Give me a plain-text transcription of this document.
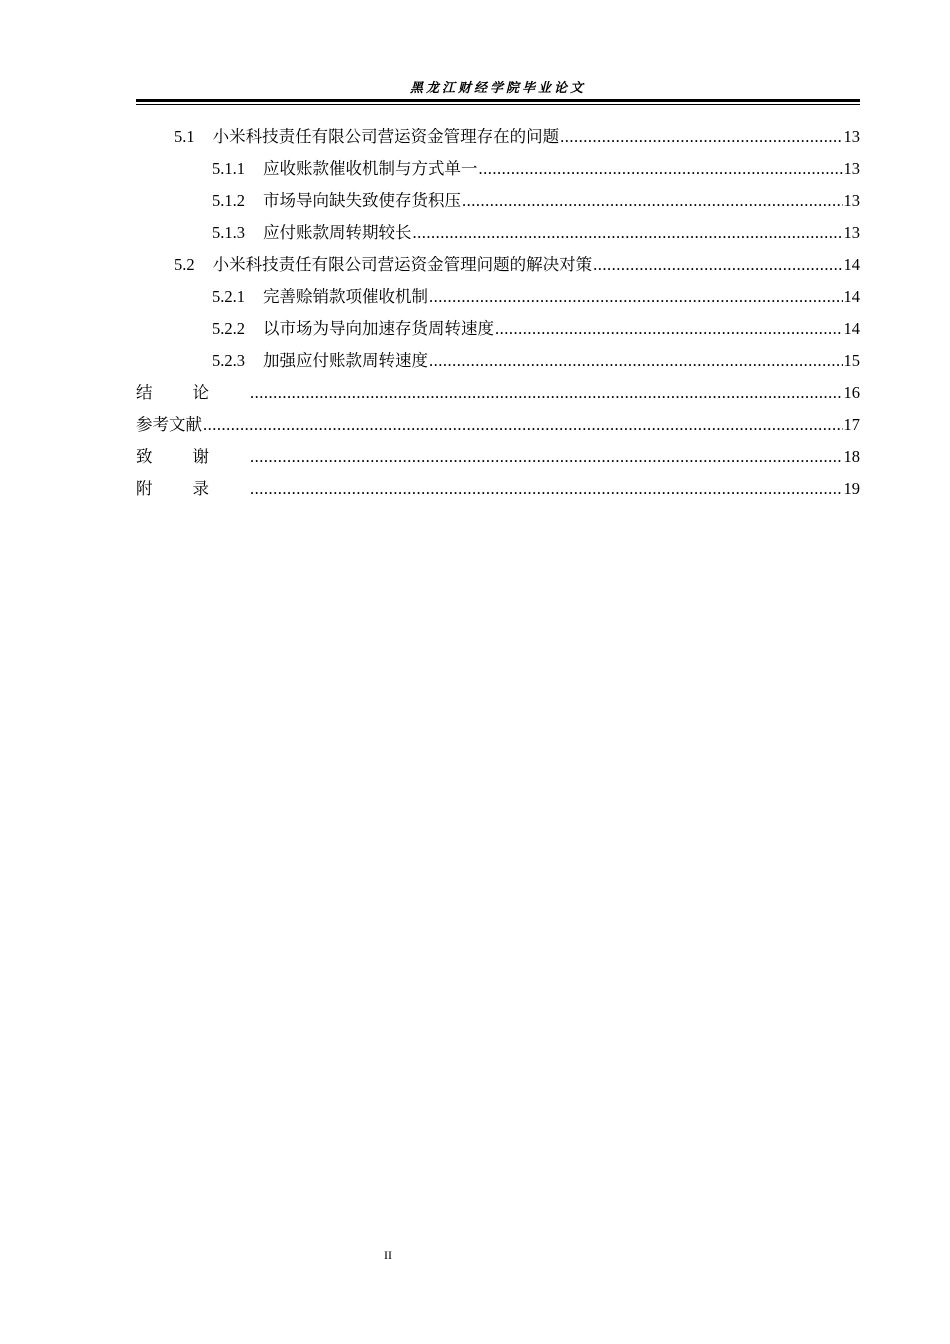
黑龙江财经学院毕业论文
5.1 小米科技责任有限公司营运资金管理存在的问题 .....	13
5.1.1 应收账款催收机制与方式单一 .....	13
5.1.2 市场导向缺失致使存货积压 .....	13
5.1.3 应付账款周转期较长 .....	13
5.2 小米科技责任有限公司营运资金管理问题的解决对策 .....	14
5.2.1 完善赊销款项催收机制 .....	14
5.2.2 以市场为导向加速存货周转速度 .....	14
5.2.3 加强应付账款周转速度 .....	15
结论 .....	16
参考文献 .....	17
致谢 .....	18
附录 .....	19
II
